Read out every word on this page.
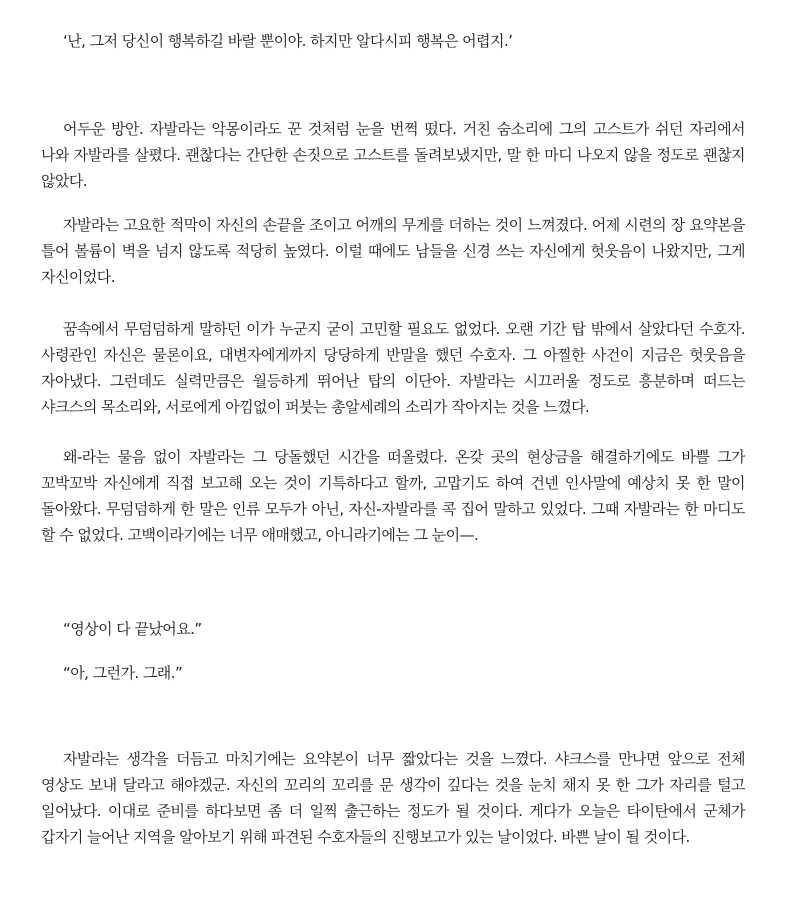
‘난, 그저 당신이 행복하길 바랄 뿐이야. 하지만 알다시피 행복은 어렵지.’

어두운 방안. 자발라는 악몽이라도 꾼 것처럼 눈을 번쩍 떴다. 거친 숨소리에 그의 고스트가 쉬던 자리에서 나와 자발라를 살폈다. 괜찮다는 간단한 손짓으로 고스트를 돌려보냈지만, 말 한 마디 나오지 않을 정도로 괜찮지 않았다.

자발라는 고요한 적막이 자신의 손끝을 조이고 어깨의 무게를 더하는 것이 느껴졌다. 어제 시련의 장 요약본을 틀어 볼륨이 벽을 넘지 않도록 적당히 높였다. 이럴 때에도 남들을 신경 쓰는 자신에게 헛웃음이 나왔지만, 그게 자신이었다.

꿈속에서 무덤덤하게 말하던 이가 누군지 굳이 고민할 필요도 없었다. 오랜 기간 탑 밖에서 살았다던 수호자. 사령관인 자신은 물론이요, 대변자에게까지 당당하게 반말을 했던 수호자. 그 아찔한 사건이 지금은 헛웃음을 자아냈다. 그런데도 실력만큼은 월등하게 뛰어난 탑의 이단아. 자발라는 시끄러울 정도로 흥분하며 떠드는 샤크스의 목소리와, 서로에게 아낌없이 퍼붓는 총알세례의 소리가 작아지는 것을 느꼈다.

왜-라는 물음 없이 자발라는 그 당돌했던 시간을 떠올렸다. 온갖 곳의 현상금을 해결하기에도 바쁠 그가 꼬박꼬박 자신에게 직접 보고해 오는 것이 기특하다고 할까, 고맙기도 하여 건넨 인사말에 예상치 못 한 말이 돌아왔다. 무덤덤하게 한 말은 인류 모두가 아닌, 자신-자발라를 콕 집어 말하고 있었다. 그때 자발라는 한 마디도 할 수 없었다. 고백이라기에는 너무 애매했고, 아니라기에는 그 눈이—.

“영상이 다 끝났어요.”

“아, 그런가. 그래.”

자발라는 생각을 더듬고 마치기에는 요약본이 너무 짧았다는 것을 느꼈다. 샤크스를 만나면 앞으로 전체 영상도 보내 달라고 해야겠군. 자신의 꼬리의 꼬리를 문 생각이 깊다는 것을 눈치 채지 못 한 그가 자리를 털고 일어났다. 이대로 준비를 하다보면 좀 더 일찍 출근하는 정도가 될 것이다. 게다가 오늘은 타이탄에서 군체가 갑자기 늘어난 지역을 알아보기 위해 파견된 수호자들의 진행보고가 있는 날이었다. 바쁜 날이 될 것이다.
